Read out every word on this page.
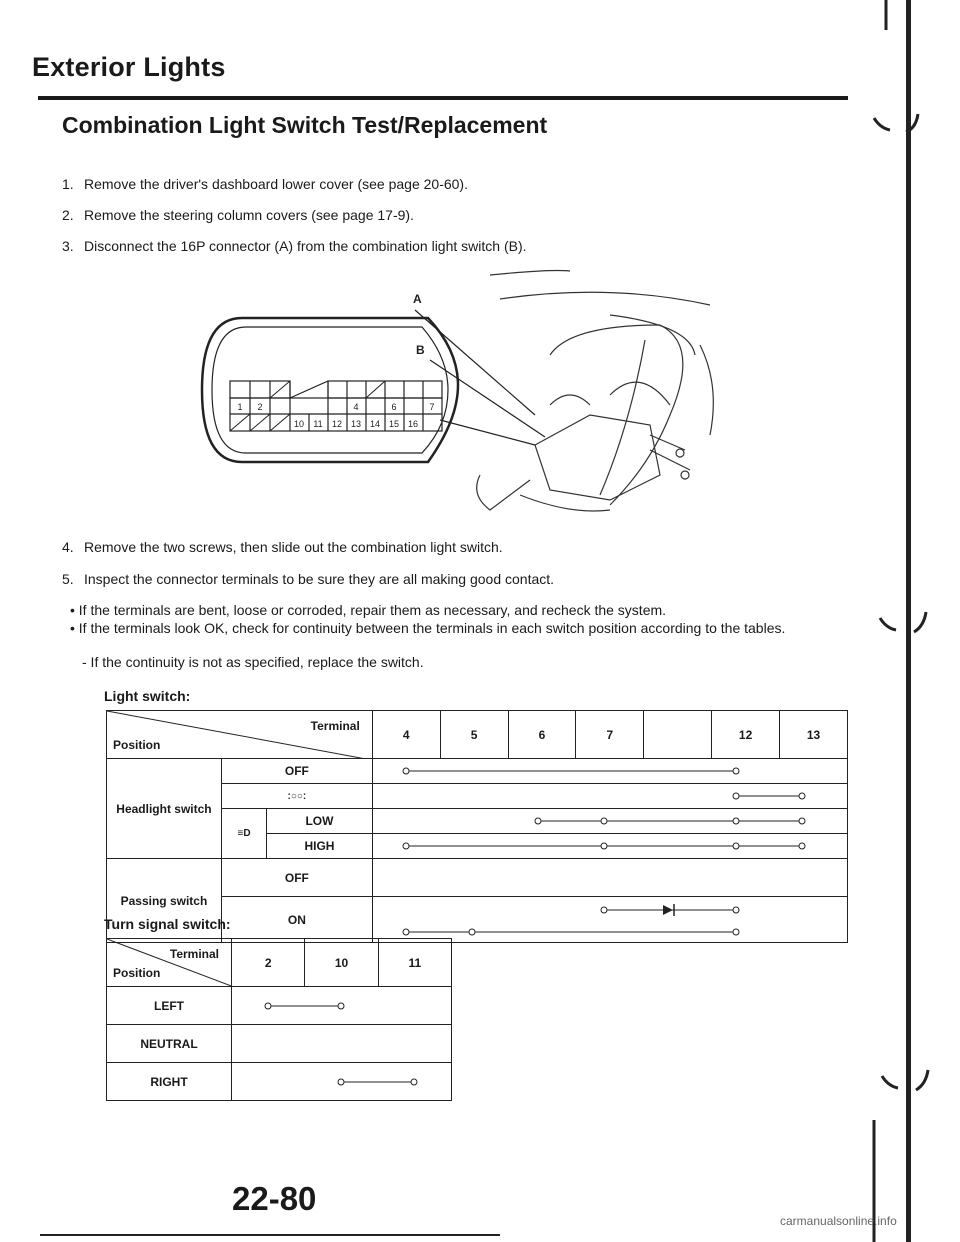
Exterior Lights
Combination Light Switch Test/Replacement
1. Remove the driver's dashboard lower cover (see page 20-60).
2. Remove the steering column covers (see page 17-9).
3. Disconnect the 16P connector (A) from the combination light switch (B).
1 2	4	6	7
10 11 12 13 14 15 16
A
B
4. Remove the two screws, then slide out the combination light switch.
5. Inspect the connector terminals to be sure they are all making good contact.
• If the terminals are bent, loose or corroded, repair them as necessary, and recheck the system.
• If the terminals look OK, check for continuity between the terminals in each switch position according to the tables.
- If the continuity is not as specified, replace the switch.
Light switch:
Terminal
Position			4	5	6	7		12	13
Headlight switch	OFF	

	:○○:	

	≡D	LOW	

		HIGH	

Passing switch	OFF								
	ON	
Turn signal switch:
Terminal
Position	2	10	11
LEFT	

NEUTRAL			
RIGHT	
22-80
carmanualsonline.info
